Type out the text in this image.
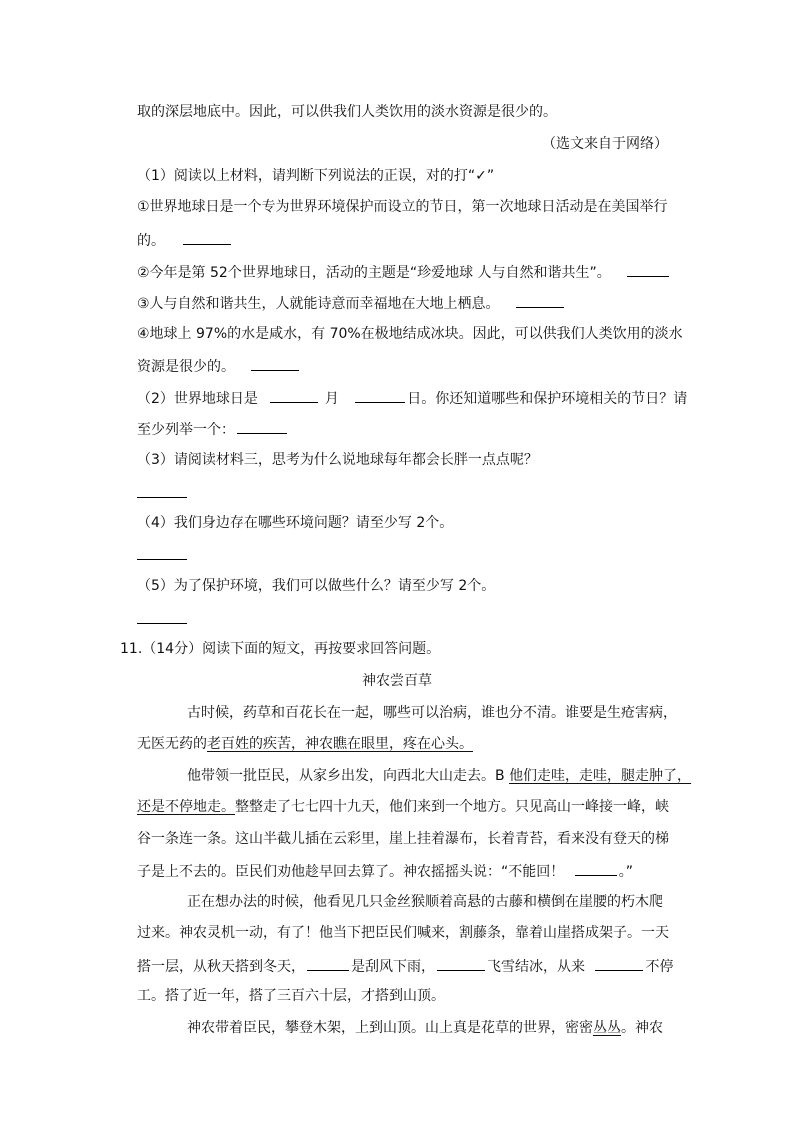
取的深层地底中。因此，可以供我们人类饮用的淡水资源是很少的。
（选文来自于网络）
（1）阅读以上材料，请判断下列说法的正误，对的打“✓”
①世界地球日是一个专为世界环境保护而设立的节日，第一次地球日活动是在美国举行
的。
②今年是第 52个世界地球日，活动的主题是“珍爱地球 人与自然和谐共生”。
③人与自然和谐共生，人就能诗意而幸福地在大地上栖息。
④地球上 97%的水是咸水，有 70%在极地结成冰块。因此，可以供我们人类饮用的淡水
资源是很少的。
（2）世界地球日是	月	日。你还知道哪些和保护环境相关的节日？请
至少列举一个：
（3）请阅读材料三，思考为什么说地球每年都会长胖一点点呢？
（4）我们身边存在哪些环境问题？请至少写 2个。
（5）为了保护环境，我们可以做些什么？请至少写 2个。
11.（14分）阅读下面的短文，再按要求回答问题。
神农尝百草
古时候，药草和百花长在一起，哪些可以治病，谁也分不清。谁要是生疮害病，
无医无药的老百姓的疾苦，神农瞧在眼里，疼在心头。
他带领一批臣民，从家乡出发，向西北大山走去。B 他们走哇，走哇，腿走肿了，
还是不停地走。整整走了七七四十九天，他们来到一个地方。只见高山一峰接一峰，峡
谷一条连一条。这山半截儿插在云彩里，崖上挂着瀑布，长着青苔，看来没有登天的梯
子是上不去的。臣民们劝他趁早回去算了。神农摇摇头说：“不能回！	。”
正在想办法的时候，他看见几只金丝猴顺着高悬的古藤和横倒在崖腰的朽木爬
过来。神农灵机一动，有了！他当下把臣民们喊来，割藤条，靠着山崖搭成架子。一天
搭一层，从秋天搭到冬天，	是刮风下雨，	飞雪结冰，从来	不停
工。搭了近一年，搭了三百六十层，才搭到山顶。
神农带着臣民，攀登木架，上到山顶。山上真是花草的世界，密密丛丛。神农
